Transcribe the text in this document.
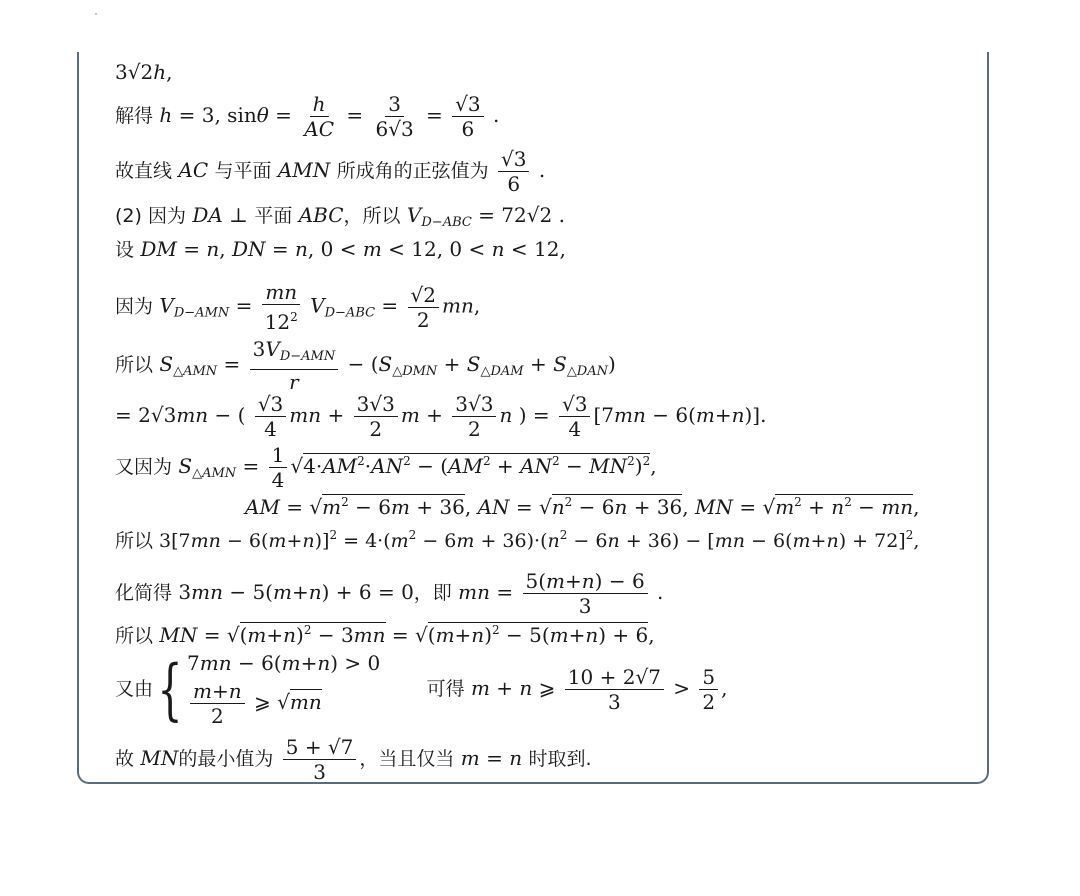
3√2h,
解得 h = 3, $\sin\theta = \frac{h}{AC} = \frac{3}{6√3} = \frac{√3}{6}$ .
故直线 AC 与平面 AMN 所成角的正弦值为 $\frac{√3}{6}$ .
(2) 因为 DA ⊥ 平面 ABC，所以 $V_{D-ABC} = 72√2$ .
设 DM = n, DN = n, 0 < m < 12, 0 < n < 12,
因为 $V_{D-AMN} = \frac{mn}{12^2} V_{D-ABC} = \frac{√2}{2}$ mn,
所以 $S_{\triangle AMN} = \frac{3V_{D-AMN}}{r} - (S_{\triangle DMN} + S_{\triangle DAM} + S_{\triangle DAN})$
= 2√3mn − ( $\frac{√3}{4}$ mn + $\frac{3√3}{2}$ $m + \frac{3√3}{2}$ n ) = $\frac{√3}{4} [7mn - 6(m+n)]$.
又因为 $S_{\triangle AMN} = \frac{1}{4} √4\cdot AM^2\cdot AN^2 - (AM^2 + AN^2 - MN^2)^2$,
AM = $√m^2 - 6m + 36$, AN = $√n^2 - 6n + 36$, MN = $√m^2 + n^2$ − mn,
所以 $3[7mn - 6(m+n)]^2 = 4\cdot(m^2 - 6m + 36)\cdot(n^2 - 6n + 36) - [mn - 6(m+n) + 72]^2$,
化简得 3mn − 5(m+n) + 6 = 0，即 mn = $\frac{5(m+n) - 6}{3}$ .
所以 MN = $√(m+n)^2 - 3mn = √(m+n)^2 - 5(m+n) + 6$,
又由{ 7mn − 6(m+n) > 0
$\frac{m+n}{2}$ ⩾ √mn
可得 m + n ⩾ $\frac{10 + 2√7}{3} > \frac{5}{2}$ ,
故 MN的最小值为 $\frac{5 + √7}{3}$ ，当且仅当 m = n 时取到.
